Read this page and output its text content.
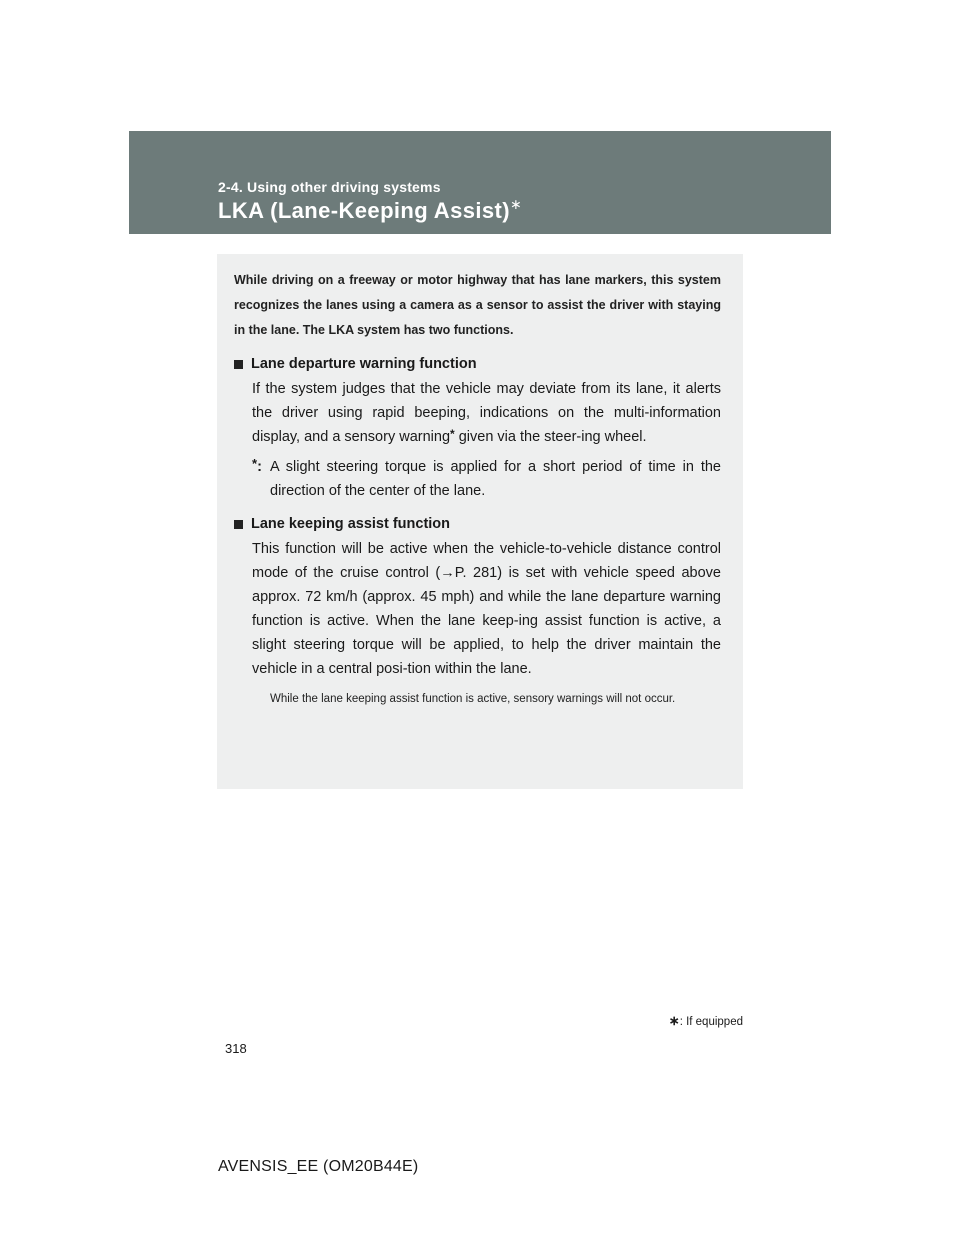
2-4. Using other driving systems
LKA (Lane-Keeping Assist)∗

While driving on a freeway or motor highway that has lane markers, this system recognizes the lanes using a camera as a sensor to assist the driver with staying in the lane. The LKA system has two functions.

Lane departure warning function

If the system judges that the vehicle may deviate from its lane, it alerts the driver using rapid beeping, indications on the multi-information display, and a sensory warning* given via the steer-ing wheel.

*: A slight steering torque is applied for a short period of time in the direction of the center of the lane.
Lane keeping assist function

This function will be active when the vehicle-to-vehicle distance control mode of the cruise control (→P. 281) is set with vehicle speed above approx. 72 km/h (approx. 45 mph) and while the lane departure warning function is active. When the lane keep-ing assist function is active, a slight steering torque will be applied, to help the driver maintain the vehicle in a central posi-tion within the lane.

While the lane keeping assist function is active, sensory warnings will not occur.

∗: If equipped
318
AVENSIS_EE (OM20B44E)
